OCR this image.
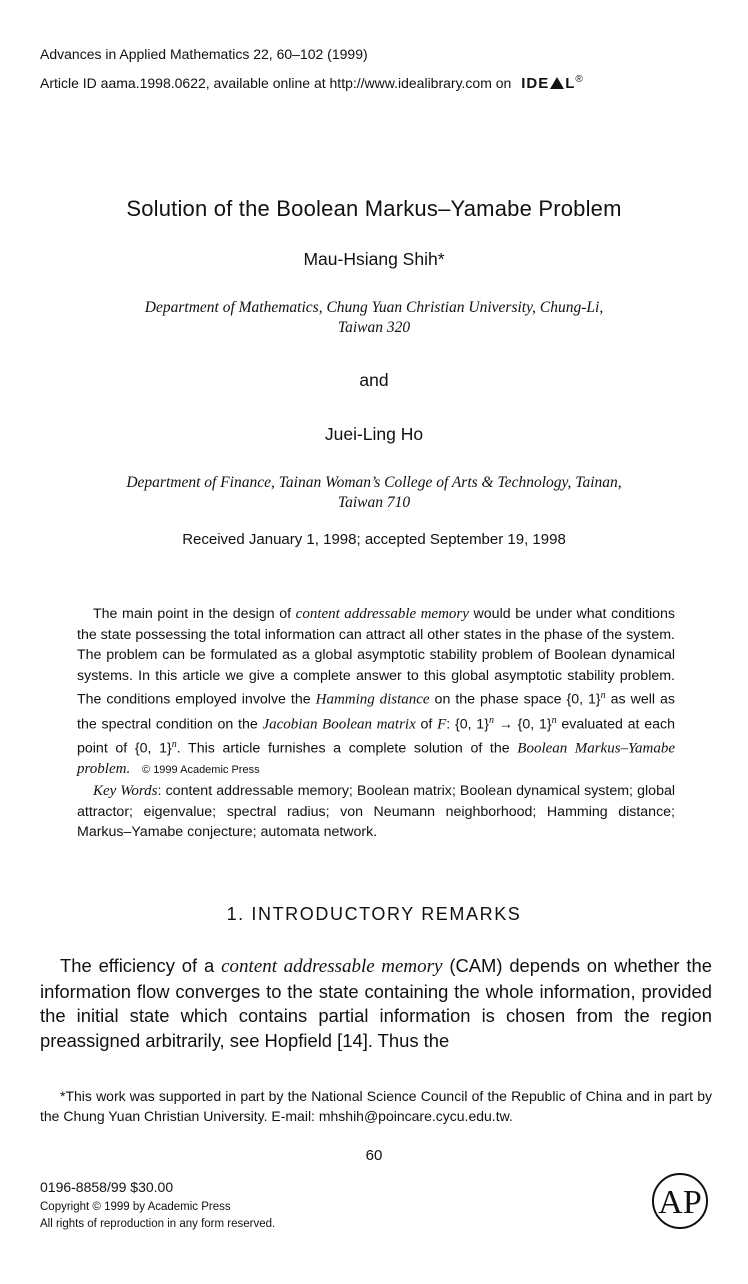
Advances in Applied Mathematics 22, 60–102 (1999)
Article ID aama.1998.0622, available online at http://www.idealibrary.com on IDE L®
Solution of the Boolean Markus–Yamabe Problem
Mau-Hsiang Shih*
Department of Mathematics, Chung Yuan Christian University, Chung-Li,
Taiwan 320
and
Juei-Ling Ho
Department of Finance, Tainan Woman’s College of Arts & Technology, Tainan,
Taiwan 710
Received January 1, 1998; accepted September 19, 1998

The main point in the design of content addressable memory would be under what conditions the state possessing the total information can attract all other states in the phase of the system. The problem can be formulated as a global asymptotic stability problem of Boolean dynamical systems. In this article we give a complete answer to this global asymptotic stability problem. The conditions employed involve the Hamming distance on the phase space {0, 1}$^n$ as well as the spectral condition on the Jacobian Boolean matrix of F: {0, 1}$^n$ → {0, 1}$^n$ evaluated at each point of {0, 1}$^n$. This article furnishes a complete solution of the Boolean Markus–Yamabe problem. © 1999 Academic Press

Key Words: content addressable memory; Boolean matrix; Boolean dynamical system; global attractor; eigenvalue; spectral radius; von Neumann neighborhood; Hamming distance; Markus–Yamabe conjecture; automata network.

1. INTRODUCTORY REMARKS

The efficiency of a content addressable memory (CAM) depends on whether the information flow converges to the state containing the whole information, provided the initial state which contains partial information is chosen from the region preassigned arbitrarily, see Hopfield [14]. Thus the

*This work was supported in part by the National Science Council of the Republic of China and in part by the Chung Yuan Christian University. E-mail: mhshih@poincare.cycu.edu.tw.

60
0196-8858/99 $30.00
Copyright © 1999 by Academic Press
All rights of reproduction in any form reserved.
AP
